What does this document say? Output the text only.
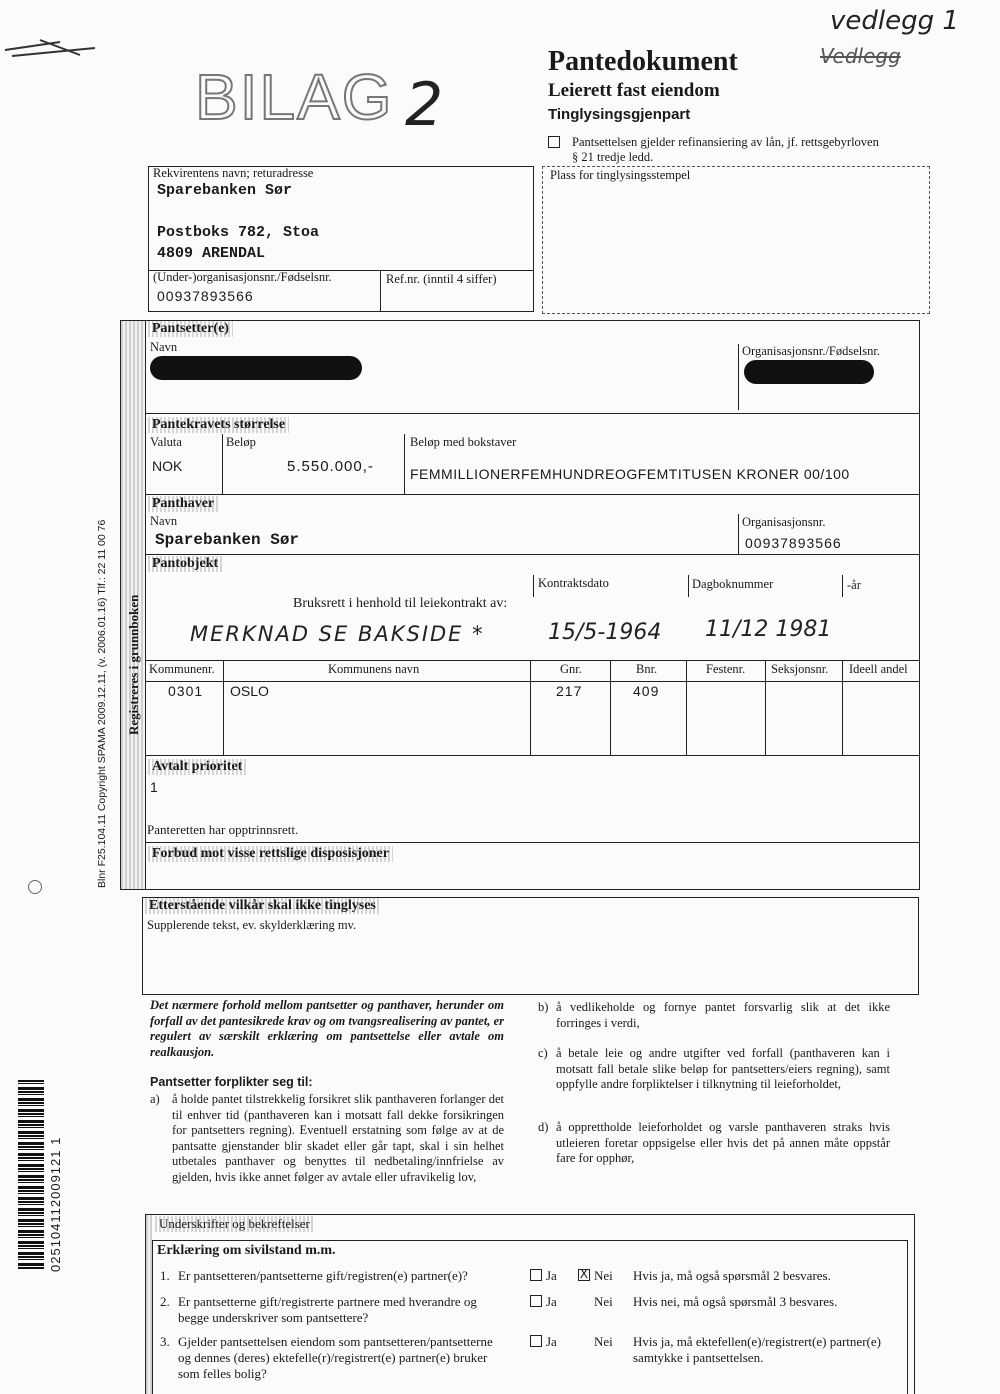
BILAG 2
vedlegg 1
Vedlegg
Pantedokument
Leierett fast eiendom
Tinglysingsgjenpart
Pantsettelsen gjelder refinansiering av lån, jf. rettsgebyrloven
§ 21 tredje ledd.
Plass for tinglysingsstempel
Rekvirentens navn; returadresse
Sparebanken Sør
Postboks 782, Stoa
4809 ARENDAL
(Under-)organisasjonsnr./Fødselsnr.
00937893566
Ref.nr. (inntil 4 siffer)
Blnr F25.104.11 Copyright SPAMA 2009.12.11, (v. 2006.01.16) Tlf.: 22 11 00 76
025104112009121 1
Registreres i grunnboken
Pantsetter(e)
Navn	Organisasjonsnr./Fødselsnr.
Pantekravets størrelse
Valuta	Beløp	Beløp med bokstaver
NOK	5.550.000,-	FEMMILLIONERFEMHUNDREOGFEMTITUSEN KRONER 00/100
Panthaver
Navn
Sparebanken Sør
Organisasjonsnr.
00937893566
Pantobjekt
Kontraktsdato	Dagboknummer	-år
Bruksrett i henhold til leiekontrakt av:
MERKNAD SE BAKSIDE *	15/5-1964 11/12 1981
Kommunenr.	Kommunens navn	Gnr.	Bnr.	Festenr. Seksjonsnr. Ideell andel
0301 OSLO	217	409
Avtalt prioritet
1
Panteretten har opptrinnsrett.
Forbud mot visse rettslige disposisjoner
Etterstående vilkår skal ikke tinglyses
Supplerende tekst, ev. skylderklæring mv.
Det nærmere forhold mellom pantsetter og panthaver, herunder om forfall av det pantesikrede krav og om tvangsrealisering av pantet, er regulert av særskilt erklæring om pantsettelse eller avtale om realkausjon.
Pantsetter forplikter seg til:
a) å holde pantet tilstrekkelig forsikret slik panthaveren forlanger det til enhver tid (panthaveren kan i motsatt fall dekke forsikringen for pantsetters regning). Eventuell erstatning som følge av at de pantsatte gjenstander blir skadet eller går tapt, skal i sin helhet utbetales panthaver og benyttes til nedbetaling/innfrielse av gjelden, hvis ikke annet følger av avtale eller ufravikelig lov,
b) å vedlikeholde og fornye pantet forsvarlig slik at det ikke forringes i verdi,
c) å betale leie og andre utgifter ved forfall (panthaveren kan i motsatt fall betale slike beløp for pantsetters/eiers regning), samt oppfylle andre forpliktelser i tilknytning til leieforholdet,
d) å opprettholde leieforholdet og varsle panthaveren straks hvis utleieren foretar oppsigelse eller hvis det på annen måte oppstår fare for opphør,
Underskrifter og bekreftelser
Erklæring om sivilstand m.m.
1. Er pantsetteren/pantsetterne gift/registren(e) partner(e)?	Ja X Nei Hvis ja, må også spørsmål 2 besvares.
2. Er pantsetterne gift/registrerte partnere med hverandre og
begge underskriver som pantsettere?
Ja	Nei Hvis nei, må også spørsmål 3 besvares.
3. Gjelder pantsettelsen eiendom som pantsetteren/pantsetterne
og dennes (deres) ektefelle(r)/registrert(e) partner(e) bruker
som felles bolig?
Ja	Nei Hvis ja, må ektefellen(e)/registrert(e) partner(e)
samtykke i pantsettelsen.
